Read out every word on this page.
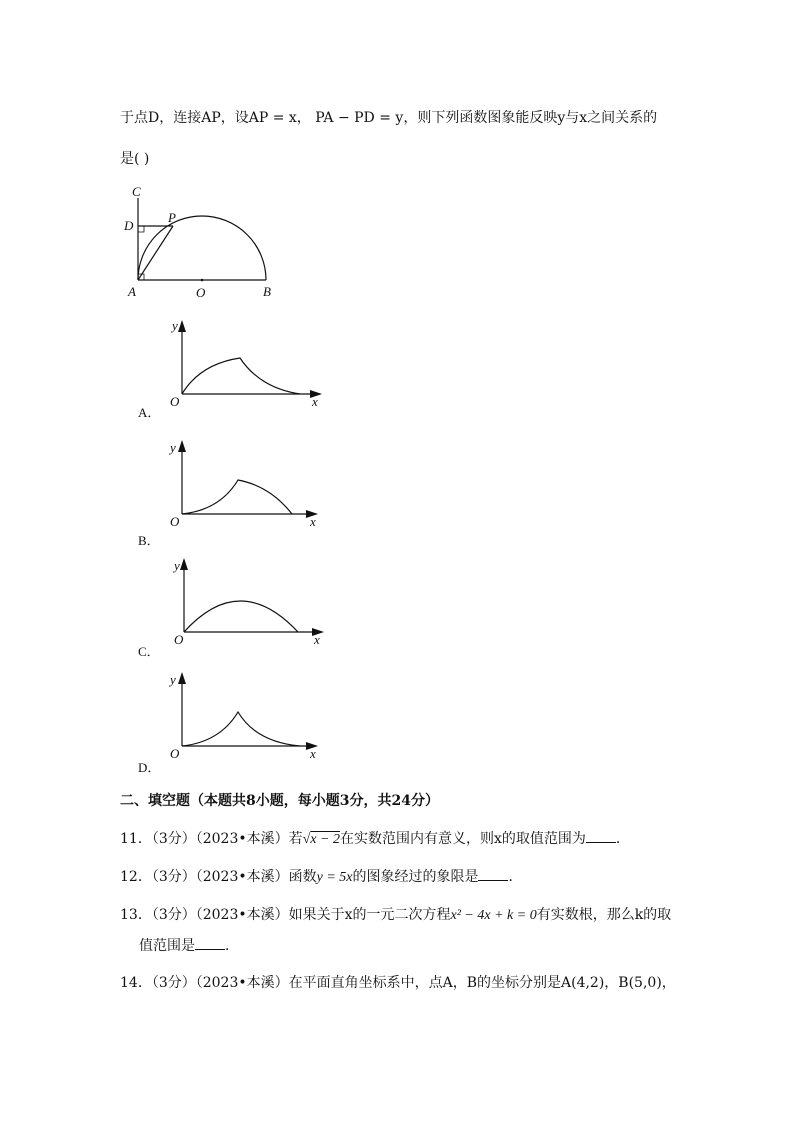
于点D，连接AP，设AP = x， PA − PD = y，则下列函数图象能反映y与x之间关系的
是( )
C
D
P
A	O	B
y
x
O
A．
y
x
O
B．
y
x
O
C．
y
x
O
D．
二、填空题（本题共8小题，每小题3分，共24分）
11．（3分）（2023•本溪）若√x − 2在实数范围内有意义，则x的取值范围为 ．
12．（3分）（2023•本溪）函数y = 5x的图象经过的象限是 ．
13．（3分）（2023•本溪）如果关于x的一元二次方程x² − 4x + k = 0有实数根，那么k的取
值范围是 ．
14．（3分）（2023•本溪）在平面直角坐标系中，点A，B的坐标分别是A(4,2)，B(5,0)，
